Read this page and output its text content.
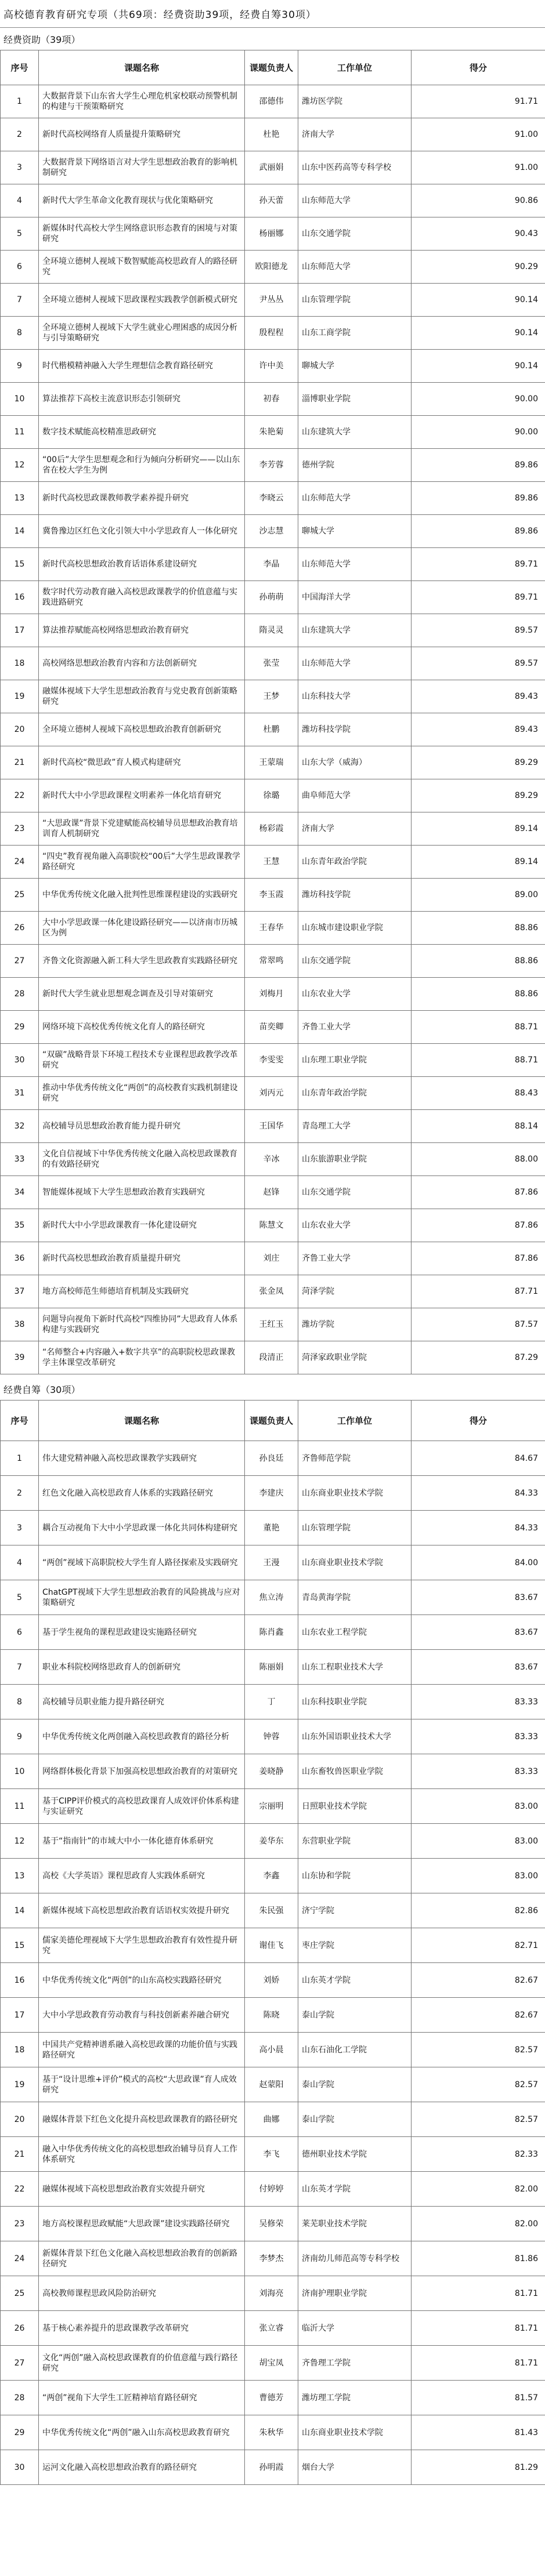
高校德育教育研究专项（共69项：经费资助39项，经费自筹30项）
经费资助（39项）
序号	课题名称	课题负责人	工作单位	得分
1	大数据背景下山东省大学生心理危机家校联动预警机制的构建与干预策略研究	邵德伟	潍坊医学院	91.71
2	新时代高校网络育人质量提升策略研究	杜艳	济南大学	91.00
3	大数据背景下网络语言对大学生思想政治教育的影响机制研究	武丽娟	山东中医药高等专科学校	91.00
4	新时代大学生革命文化教育现状与优化策略研究	孙天蕾	山东师范大学	90.86
5	新媒体时代高校大学生网络意识形态教育的困境与对策研究	杨丽娜	山东交通学院	90.43
6	全环境立德树人视域下数智赋能高校思政育人的路径研究	欧阳德龙	山东师范大学	90.29
7	全环境立德树人视域下思政课程实践教学创新模式研究	尹丛丛	山东管理学院	90.14
8	全环境立德树人视域下大学生就业心理困惑的成因分析与引导策略研究	殷程程	山东工商学院	90.14
9	时代楷模精神融入大学生理想信念教育路径研究	许中美	聊城大学	90.14
10	算法推荐下高校主流意识形态引领研究	初春	淄博职业学院	90.00
11	数字技术赋能高校精准思政研究	朱艳菊	山东建筑大学	90.00
12	“00后”大学生思想观念和行为倾向分析研究——以山东省在校大学生为例	李芳蓉	德州学院	89.86
13	新时代高校思政课教师教学素养提升研究	李晓云	山东师范大学	89.86
14	冀鲁豫边区红色文化引领大中小学思政育人一体化研究	沙志慧	聊城大学	89.86
15	新时代高校思想政治教育话语体系建设研究	李晶	山东师范大学	89.71
16	数字时代劳动教育融入高校思政课教学的价值意蕴与实践进路研究	孙萌萌	中国海洋大学	89.71
17	算法推荐赋能高校网络思想政治教育研究	隋灵灵	山东建筑大学	89.57
18	高校网络思想政治教育内容和方法创新研究	张莹	山东师范大学	89.57
19	融媒体视域下大学生思想政治教育与党史教育创新策略研究	王梦	山东科技大学	89.43
20	全环境立德树人视域下高校思想政治教育创新研究	杜鹏	潍坊科技学院	89.43
21	新时代高校“微思政”育人模式构建研究	王蒙瑞	山东大学（威海）	89.29
22	新时代大中小学思政课程文明素养一体化培育研究	徐璐	曲阜师范大学	89.29
23	“大思政课”背景下党建赋能高校辅导员思想政治教育培训育人机制研究	杨彩霞	济南大学	89.14
24	“四史”教育视角融入高职院校“00后”大学生思政课教学路径研究	王慧	山东青年政治学院	89.14
25	中华优秀传统文化融入批判性思维课程建设的实践研究	李玉霞	潍坊科技学院	89.00
26	大中小学思政课一体化建设路径研究——以济南市历城区为例	王春华	山东城市建设职业学院	88.86
27	齐鲁文化资源融入新工科大学生思政教育实践路径研究	常翠鸣	山东交通学院	88.86
28	新时代大学生就业思想观念调查及引导对策研究	刘梅月	山东农业大学	88.86
29	网络环境下高校优秀传统文化育人的路径研究	苗奕卿	齐鲁工业大学	88.71
30	“双碳”战略背景下环境工程技术专业课程思政教学改革研究	李雯雯	山东理工职业学院	88.71
31	推动中华优秀传统文化“两创”的高校教育实践机制建设研究	刘丙元	山东青年政治学院	88.43
32	高校辅导员思想政治教育能力提升研究	王国华	青岛理工大学	88.14
33	文化自信视域下中华优秀传统文化融入高校思政课教育的有效路径研究	辛冰	山东旅游职业学院	88.00
34	智能媒体视域下大学生思想政治教育实践研究	赵锋	山东交通学院	87.86
35	新时代大中小学思政课教育一体化建设研究	陈慧文	山东农业大学	87.86
36	新时代高校思想政治教育质量提升研究	刘庄	齐鲁工业大学	87.86
37	地方高校师范生师德培育机制及实践研究	张金凤	菏泽学院	87.71
38	问题导向视角下新时代高校“四维协同”大思政育人体系构建与实践研究	王红玉	潍坊学院	87.57
39	“名师整合+内容融入+数字共享”的高职院校思政课教学主体课堂改革研究	段清正	菏泽家政职业学院	87.29
经费自筹（30项）
序号	课题名称	课题负责人	工作单位	得分
1	伟大建党精神融入高校思政课教学实践研究	孙良廷	齐鲁师范学院	84.67
2	红色文化融入高校思政育人体系的实践路径研究	李建庆	山东商业职业技术学院	84.33
3	耦合互动视角下大中小学思政课一体化共同体构建研究	董艳	山东管理学院	84.33
4	“两创”视域下高职院校大学生育人路径探索及实践研究	王漫	山东商业职业技术学院	84.00
5	ChatGPT视域下大学生思想政治教育的风险挑战与应对策略研究	焦立涛	青岛黄海学院	83.67
6	基于学生视角的课程思政建设实施路径研究	陈肖鑫	山东农业工程学院	83.67
7	职业本科院校网络思政育人的创新研究	陈丽娟	山东工程职业技术大学	83.67
8	高校辅导员职业能力提升路径研究	丁	山东科技职业学院	83.33
9	中华优秀传统文化两创融入高校思政教育的路径分析	钟蓉	山东外国语职业技术大学	83.33
10	网络群体极化背景下加强高校思想政治教育的对策研究	姜晓静	山东畜牧兽医职业学院	83.33
11	基于CIPP评价模式的高校思政课育人成效评价体系构建与实证研究	宗丽明	日照职业技术学院	83.00
12	基于“指南针”的市域大中小一体化德育体系研究	姜华东	东营职业学院	83.00
13	高校《大学英语》课程思政育人实践体系研究	李鑫	山东协和学院	83.00
14	新媒体视域下高校思想政治教育话语权实效提升研究	朱民强	济宁学院	82.86
15	儒家美德伦理视域下大学生思想政治教育有效性提升研究	谢佳飞	枣庄学院	82.71
16	中华优秀传统文化“两创”的山东高校实践路径研究	刘娇	山东英才学院	82.67
17	大中小学思政教育劳动教育与科技创新素养融合研究	陈晓	泰山学院	82.67
18	中国共产党精神谱系融入高校思政课的功能价值与实践路径研究	高小晨	山东石油化工学院	82.57
19	基于“设计思维+评价”模式的高校“大思政课”育人成效研究	赵蒙阳	泰山学院	82.57
20	融媒体背景下红色文化提升高校思政课教育的路径研究	曲娜	泰山学院	82.57
21	融入中华优秀传统文化的高校思想政治辅导员育人工作体系研究	李飞	德州职业技术学院	82.33
22	融媒体视域下高校思想政治教育实效提升研究	付婷婷	山东英才学院	82.00
23	地方高校课程思政赋能“大思政课”建设实践路径研究	吴修荣	莱芜职业技术学院	82.00
24	新媒体背景下红色文化融入高校思想政治教育的创新路径研究	李梦杰	济南幼儿师范高等专科学校	81.86
25	高校教师课程思政风险防治研究	刘海亮	济南护理职业学院	81.71
26	基于核心素养提升的思政课教学改革研究	张立睿	临沂大学	81.71
27	文化“两创”融入高校思政课教育的价值意蕴与践行路径研究	胡宝凤	齐鲁理工学院	81.71
28	“两创”视角下大学生工匠精神培育路径研究	曹德芳	潍坊理工学院	81.57
29	中华优秀传统文化“两创”融入山东高校思政教育研究	朱秋华	山东商业职业技术学院	81.43
30	运河文化融入高校思想政治教育的路径研究	孙明霞	烟台大学	81.29
